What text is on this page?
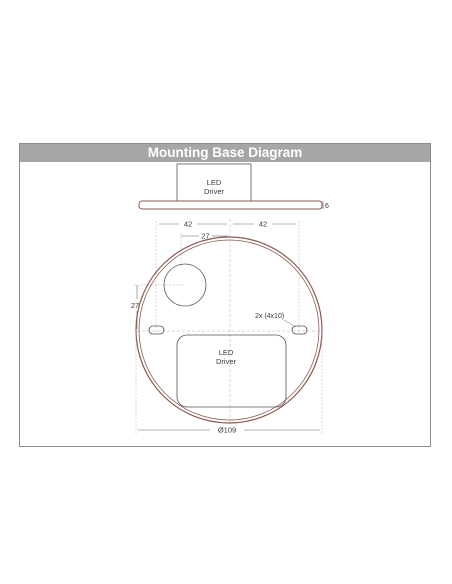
Mounting Base Diagram
LED
Driver
6
42	42
27
27
2x (4x10)
LED
Driver
Ø109
